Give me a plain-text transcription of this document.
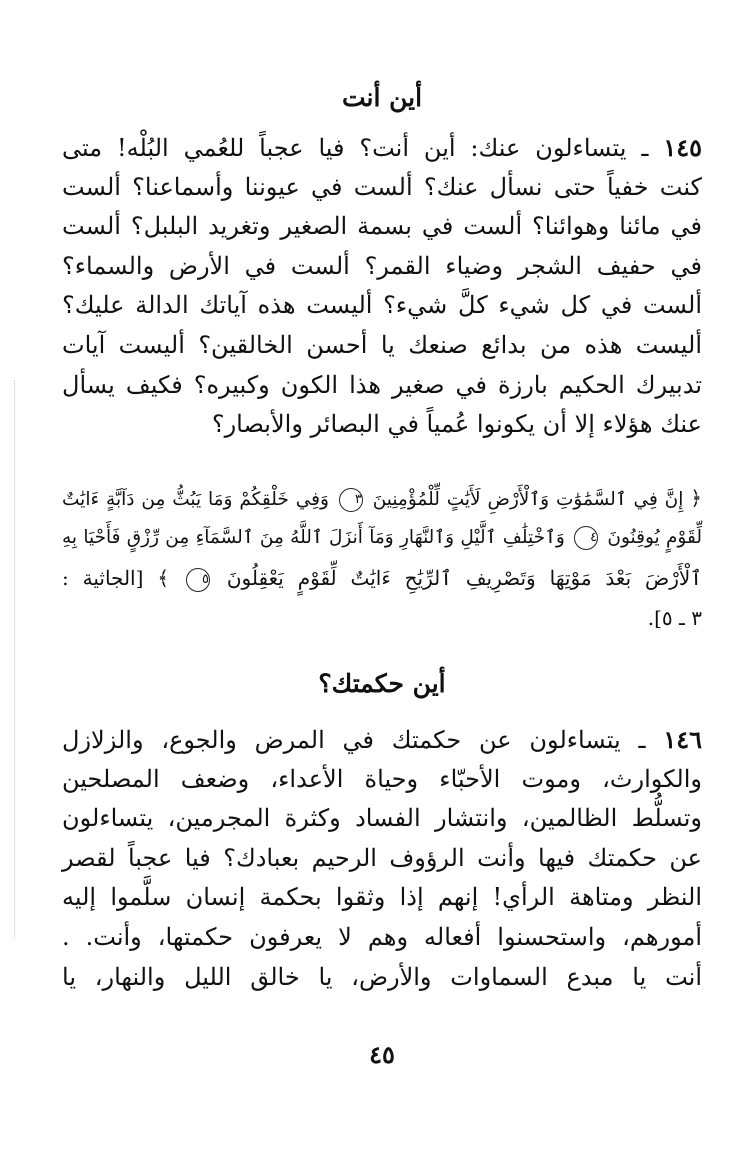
أين أنت
١٤٥ ـ يتساءلون عنك: أين أنت؟ فيا عجباً للعُمي البُلْه! متى
كنت خفياً حتى نسأل عنك؟ ألست في عيوننا وأسماعنا؟ ألست
في مائنا وهوائنا؟ ألست في بسمة الصغير وتغريد البلبل؟ ألست
في حفيف الشجر وضياء القمر؟ ألست في الأرض والسماء؟
ألست في كل شيء كلَّ شيء؟ أليست هذه آياتك الدالة عليك؟
أليست هذه من بدائع صنعك يا أحسن الخالقين؟ أليست آيات
تدبيرك الحكيم بارزة في صغير هذا الكون وكبيره؟ فكيف يسأل
عنك هؤلاء إلا أن يكونوا عُمياً في البصائر والأبصار؟
﴿ إِنَّ فِي ٱلسَّمَٰوَٰتِ وَٱلْأَرْضِ لَأَيَٰتٍ لِّلْمُؤْمِنِينَ ٣ وَفِي خَلْقِكُمْ وَمَا يَبُثُّ مِن دَآبَّةٍ ءَايَٰتٌ
لِّقَوْمٍ يُوقِنُونَ ٤ وَٱخْتِلَٰفِ ٱلَّيْلِ وَٱلنَّهَارِ وَمَآ أَنزَلَ ٱللَّهُ مِنَ ٱلسَّمَآءِ مِن رِّزْقٍ فَأَحْيَا بِهِ
ٱلْأَرْضَ بَعْدَ مَوْتِهَا وَتَصْرِيفِ ٱلرِّيَٰحِ ءَايَٰتٌ لِّقَوْمٍ يَعْقِلُونَ ٥ ﴾ [الجاثية :
٣ ـ ٥].
أين حكمتك؟
١٤٦ ـ يتساءلون عن حكمتك في المرض والجوع، والزلازل
والكوارث، وموت الأحبّاء وحياة الأعداء، وضعف المصلحين
وتسلُّط الظالمين، وانتشار الفساد وكثرة المجرمين، يتساءلون
عن حكمتك فيها وأنت الرؤوف الرحيم بعبادك؟ فيا عجباً لقصر
النظر ومتاهة الرأي! إنهم إذا وثقوا بحكمة إنسان سلَّموا إليه
أمورهم، واستحسنوا أفعاله وهم لا يعرفون حكمتها، وأنت. .
أنت يا مبدع السماوات والأرض، يا خالق الليل والنهار، يا
٤٥
